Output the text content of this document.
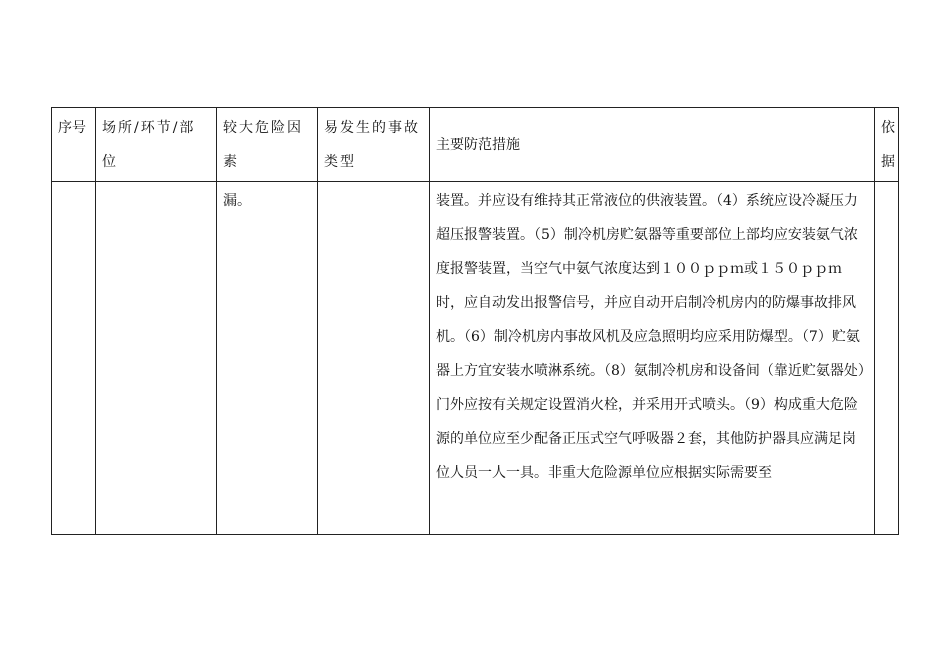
序号	场所/环节/部位	较大危险因素	易发生的事故类型	主要防范措施	依据

		漏。		装置。并应设有维持其正常液位的供液装置。（4）系统应设冷凝压力超压报警装置。（5）制冷机房贮氨器等重要部位上部均应安装氨气浓度报警装置，当空气中氨气浓度达到１００ｐｐｍ或１５０ｐｐｍ时，应自动发出报警信号，并应自动开启制冷机房内的防爆事故排风机。（6）制冷机房内事故风机及应急照明均应采用防爆型。（7）贮氨器上方宜安装水喷淋系统。（8）氨制冷机房和设备间（靠近贮氨器处）门外应按有关规定设置消火栓，并采用开式喷头。（9）构成重大危险源的单位应至少配备正压式空气呼吸器２套，其他防护器具应满足岗位人员一人一具。非重大危险源单位应根据实际需要至	
